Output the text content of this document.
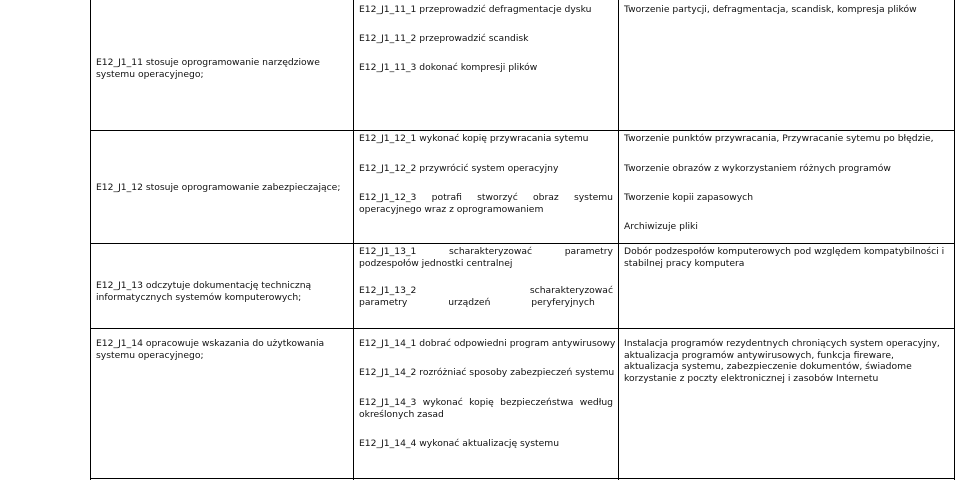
E12_J1_11 stosuje oprogramowanie narzędziowe systemu operacyjnego;
E12_J1_11_1 przeprowadzić defragmentacje dysku
E12_J1_11_2 przeprowadzić scandisk
E12_J1_11_3 dokonać kompresji plików
Tworzenie partycji, defragmentacja, scandisk, kompresja plików
E12_J1_12 stosuje oprogramowanie zabezpieczające;
E12_J1_12_1 wykonać kopię przywracania sytemu
E12_J1_12_2 przywrócić system operacyjny
E12_J1_12_3 potrafi stworzyć obraz systemu operacyjnego wraz z oprogramowaniem
Tworzenie punktów przywracania, Przywracanie sytemu po błędzie,
Tworzenie obrazów z wykorzystaniem różnych programów
Tworzenie kopii zapasowych
Archiwizuje pliki
E12_J1_13 odczytuje dokumentację techniczną informatycznych systemów komputerowych;
E12_J1_13_1 scharakteryzować parametry podzespołów jednostki centralnej
E12_J1_13_2 scharakteryzować parametry urządzeń peryferyjnych
Dobór podzespołów komputerowych pod względem kompatybilności i stabilnej pracy komputera
E12_J1_14 opracowuje wskazania do użytkowania systemu operacyjnego;
E12_J1_14_1 dobrać odpowiedni program antywirusowy
E12_J1_14_2 rozróżniać sposoby zabezpieczeń systemu
E12_J1_14_3 wykonać kopię bezpieczeństwa według określonych zasad
E12_J1_14_4 wykonać aktualizację systemu
Instalacja programów rezydentnych chroniących system operacyjny, aktualizacja programów antywirusowych, funkcja fireware, aktualizacja systemu, zabezpieczenie dokumentów, świadome korzystanie z poczty elektronicznej i zasobów Internetu
